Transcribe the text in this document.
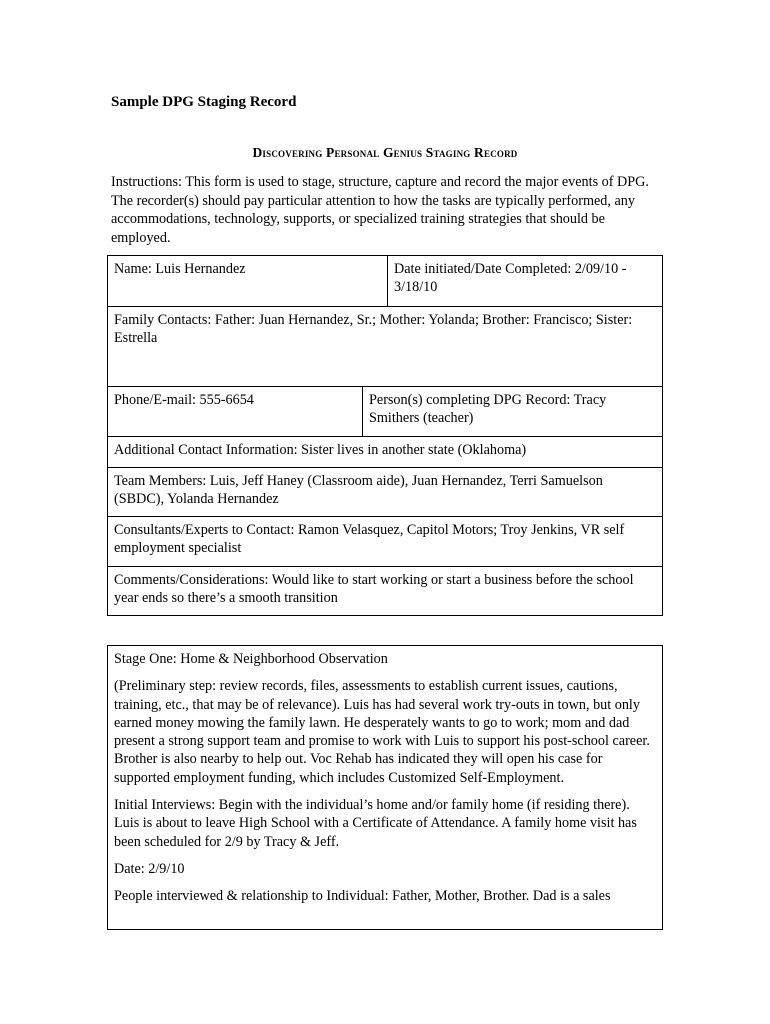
Sample DPG Staging Record
Discovering Personal Genius Staging Record

Instructions: This form is used to stage, structure, capture and record the major events of DPG. The recorder(s) should pay particular attention to how the tasks are typically performed, any accommodations, technology, supports, or specialized training strategies that should be employed.

Name: Luis Hernandez	Date initiated/Date Completed: 2/09/10 - 3/18/10
Family Contacts: Father: Juan Hernandez, Sr.; Mother: Yolanda; Brother: Francisco; Sister: Estrella
Phone/E-mail: 555-6654	Person(s) completing DPG Record: Tracy Smithers (teacher)
Additional Contact Information: Sister lives in another state (Oklahoma)
Team Members: Luis, Jeff Haney (Classroom aide), Juan Hernandez, Terri Samuelson (SBDC), Yolanda Hernandez
Consultants/Experts to Contact: Ramon Velasquez, Capitol Motors; Troy Jenkins, VR self employment specialist
Comments/Considerations: Would like to start working or start a business before the school year ends so there’s a smooth transition

Stage One: Home & Neighborhood Observation

(Preliminary step: review records, files, assessments to establish current issues, cautions, training, etc., that may be of relevance). Luis has had several work try-outs in town, but only earned money mowing the family lawn. He desperately wants to go to work; mom and dad present a strong support team and promise to work with Luis to support his post-school career. Brother is also nearby to help out. Voc Rehab has indicated they will open his case for supported employment funding, which includes Customized Self-Employment.

Initial Interviews: Begin with the individual’s home and/or family home (if residing there). Luis is about to leave High School with a Certificate of Attendance. A family home visit has been scheduled for 2/9 by Tracy & Jeff.

Date: 2/9/10

People interviewed & relationship to Individual: Father, Mother, Brother. Dad is a sales
